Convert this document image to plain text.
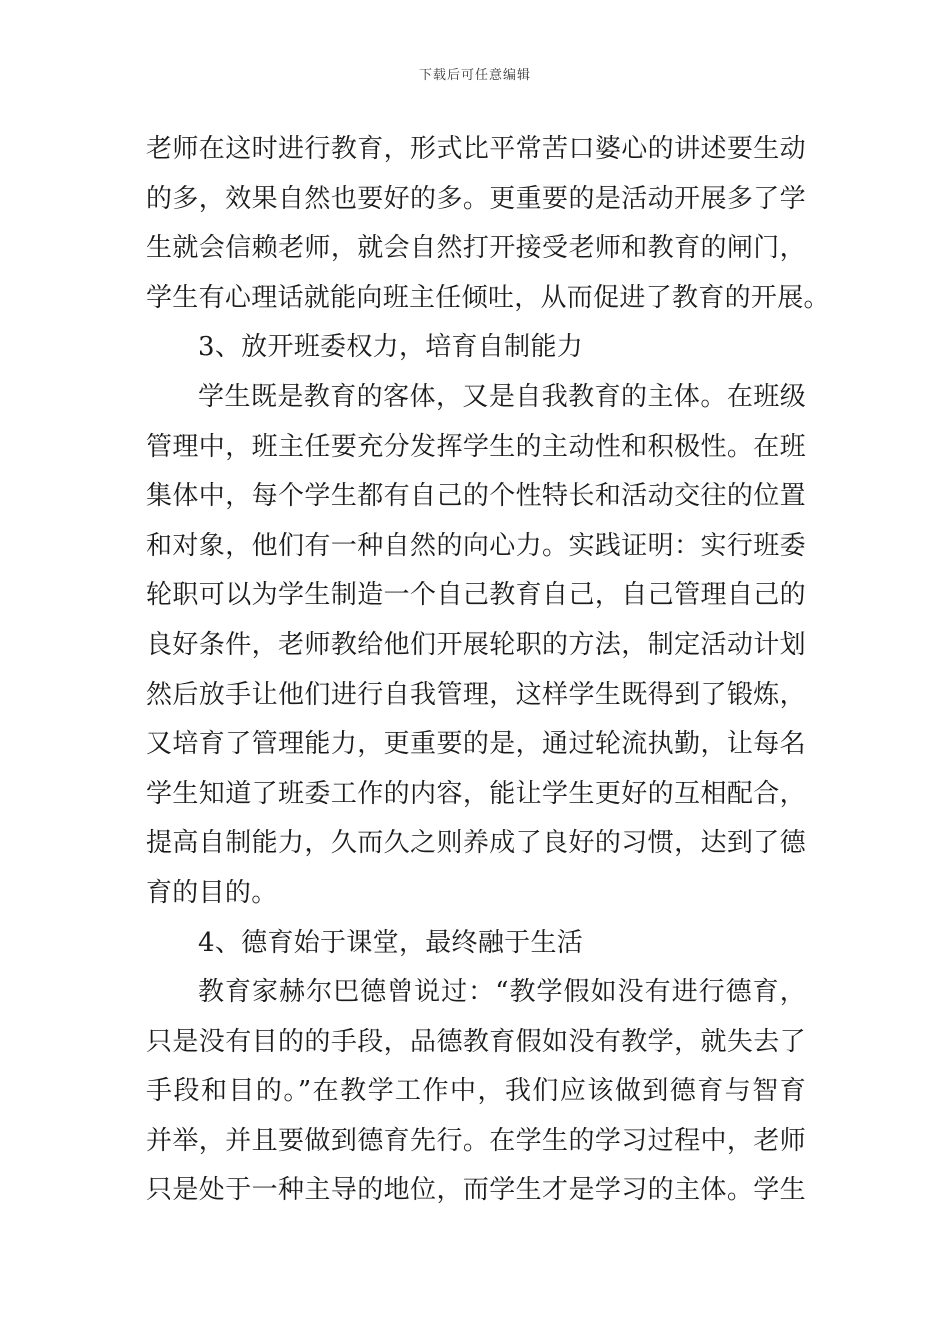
下载后可任意编辑
老师在这时进行教育，形式比平常苦口婆心的讲述要生动
的多，效果自然也要好的多。更重要的是活动开展多了学
生就会信赖老师，就会自然打开接受老师和教育的闸门，
学生有心理话就能向班主任倾吐，从而促进了教育的开展。
3、放开班委权力，培育自制能力
学生既是教育的客体，又是自我教育的主体。在班级
管理中，班主任要充分发挥学生的主动性和积极性。在班
集体中，每个学生都有自己的个性特长和活动交往的位置
和对象，他们有一种自然的向心力。实践证明：实行班委
轮职可以为学生制造一个自己教育自己，自己管理自己的
良好条件，老师教给他们开展轮职的方法，制定活动计划
然后放手让他们进行自我管理，这样学生既得到了锻炼，
又培育了管理能力，更重要的是，通过轮流执勤，让每名
学生知道了班委工作的内容，能让学生更好的互相配合，
提高自制能力，久而久之则养成了良好的习惯，达到了德
育的目的。
4、德育始于课堂，最终融于生活
教育家赫尔巴德曾说过：“教学假如没有进行德育，
只是没有目的的手段，品德教育假如没有教学，就失去了
手段和目的。”在教学工作中，我们应该做到德育与智育
并举，并且要做到德育先行。在学生的学习过程中，老师
只是处于一种主导的地位，而学生才是学习的主体。学生
